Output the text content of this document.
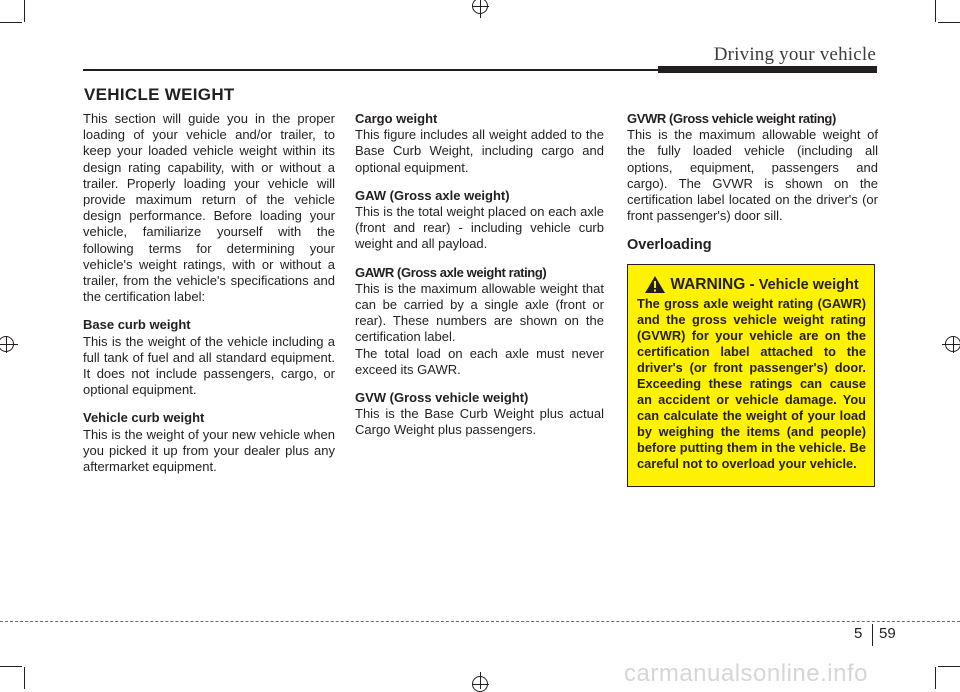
Driving your vehicle
VEHICLE WEIGHT

This section will guide you in the proper loading of your vehicle and/or trailer, to keep your loaded vehicle weight within its design rating capability, with or without a trailer. Properly loading your vehicle will provide maximum return of the vehicle design performance. Before loading your vehicle, familiarize yourself with the following terms for determining your vehicle's weight ratings, with or without a trailer, from the vehicle's specifications and the certification label:

Base curb weight

This is the weight of the vehicle including a full tank of fuel and all standard equipment. It does not include passengers, cargo, or optional equipment.

Vehicle curb weight

This is the weight of your new vehicle when you picked it up from your dealer plus any aftermarket equipment.

Cargo weight

This figure includes all weight added to the Base Curb Weight, including cargo and optional equipment.

GAW (Gross axle weight)

This is the total weight placed on each axle (front and rear) - including vehicle curb weight and all payload.

GAWR (Gross axle weight rating)

This is the maximum allowable weight that can be carried by a single axle (front or rear). These numbers are shown on the certification label.

The total load on each axle must never exceed its GAWR.

GVW (Gross vehicle weight)

This is the Base Curb Weight plus actual Cargo Weight plus passengers.

GVWR (Gross vehicle weight rating)

This is the maximum allowable weight of the fully loaded vehicle (including all options, equipment, passengers and cargo). The GVWR is shown on the certification label located on the driver's (or front passenger's) door sill.

Overloading
WARNING - Vehicle weight

The gross axle weight rating (GAWR) and the gross vehicle weight rating (GVWR) for your vehicle are on the certification label attached to the driver's (or front passenger's) door. Exceeding these ratings can cause an accident or vehicle damage. You can calculate the weight of your load by weighing the items (and people) before putting them in the vehicle. Be careful not to overload your vehicle.

5 59
carmanualsonline.info
